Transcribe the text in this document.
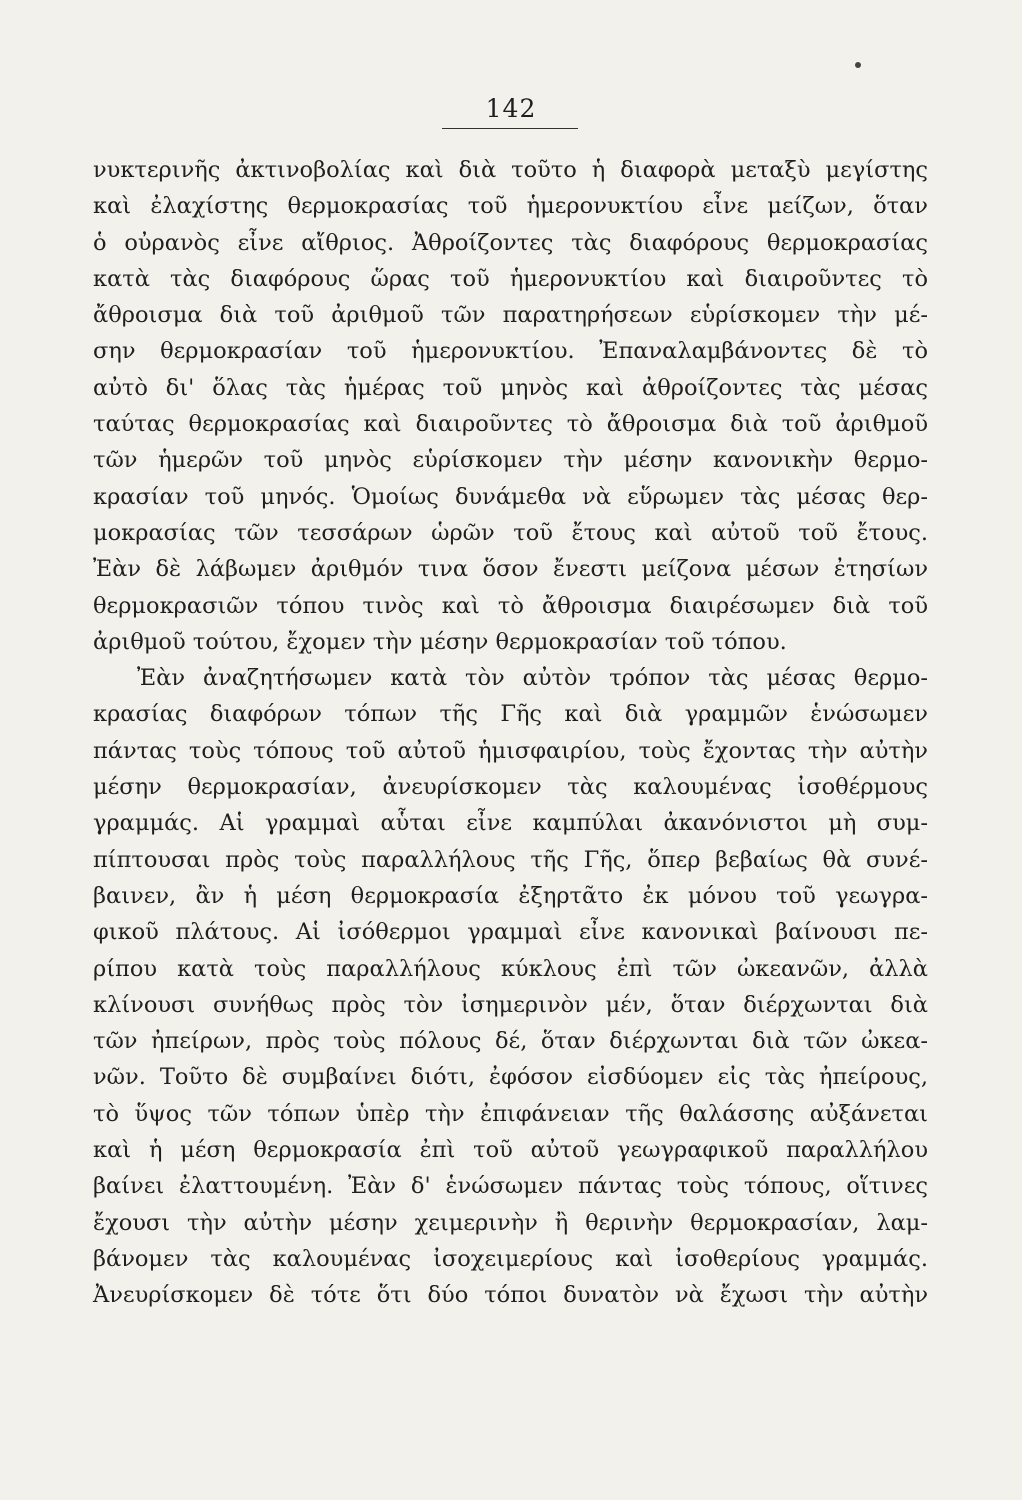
142
νυκτερινῆς ἀκτινοβολίας καὶ διὰ τοῦτο ἡ διαφορὰ μεταξὺ μεγίστης
καὶ ἐλαχίστης θερμοκρασίας τοῦ ἡμερονυκτίου εἶνε μείζων, ὅταν
ὁ οὐρανὸς εἶνε αἴθριος. Ἀθροίζοντες τὰς διαφόρους θερμοκρασίας
κατὰ τὰς διαφόρους ὥρας τοῦ ἡμερονυκτίου καὶ διαιροῦντες τὸ
ἄθροισμα διὰ τοῦ ἀριθμοῦ τῶν παρατηρήσεων εὑρίσκομεν τὴν μέ-
σην θερμοκρασίαν τοῦ ἡμερονυκτίου. Ἐπαναλαμβάνοντες δὲ τὸ
αὐτὸ δι' ὅλας τὰς ἡμέρας τοῦ μηνὸς καὶ ἀθροίζοντες τὰς μέσας
ταύτας θερμοκρασίας καὶ διαιροῦντες τὸ ἄθροισμα διὰ τοῦ ἀριθμοῦ
τῶν ἡμερῶν τοῦ μηνὸς εὑρίσκομεν τὴν μέσην κανονικὴν θερμο-
κρασίαν τοῦ μηνός. Ὁμοίως δυνάμεθα νὰ εὕρωμεν τὰς μέσας θερ-
μοκρασίας τῶν τεσσάρων ὡρῶν τοῦ ἔτους καὶ αὐτοῦ τοῦ ἔτους.
Ἐὰν δὲ λάβωμεν ἀριθμόν τινα ὅσον ἔνεστι μείζονα μέσων ἐτησίων
θερμοκρασιῶν τόπου τινὸς καὶ τὸ ἄθροισμα διαιρέσωμεν διὰ τοῦ
ἀριθμοῦ τούτου, ἔχομεν τὴν μέσην θερμοκρασίαν τοῦ τόπου.
Ἐὰν ἀναζητήσωμεν κατὰ τὸν αὐτὸν τρόπον τὰς μέσας θερμο-
κρασίας διαφόρων τόπων τῆς Γῆς καὶ διὰ γραμμῶν ἑνώσωμεν
πάντας τοὺς τόπους τοῦ αὐτοῦ ἡμισφαιρίου, τοὺς ἔχοντας τὴν αὐτὴν
μέσην θερμοκρασίαν, ἀνευρίσκομεν τὰς καλουμένας ἰσοθέρμους
γραμμάς. Αἱ γραμμαὶ αὗται εἶνε καμπύλαι ἀκανόνιστοι μὴ συμ-
πίπτουσαι πρὸς τοὺς παραλλήλους τῆς Γῆς, ὅπερ βεβαίως θὰ συνέ-
βαινεν, ἂν ἡ μέση θερμοκρασία ἐξηρτᾶτο ἐκ μόνου τοῦ γεωγρα-
φικοῦ πλάτους. Αἱ ἰσόθερμοι γραμμαὶ εἶνε κανονικαὶ βαίνουσι πε-
ρίπου κατὰ τοὺς παραλλήλους κύκλους ἐπὶ τῶν ὠκεανῶν, ἀλλὰ
κλίνουσι συνήθως πρὸς τὸν ἰσημερινὸν μέν, ὅταν διέρχωνται διὰ
τῶν ἠπείρων, πρὸς τοὺς πόλους δέ, ὅταν διέρχωνται διὰ τῶν ὠκεα-
νῶν. Τοῦτο δὲ συμβαίνει διότι, ἐφόσον εἰσδύομεν εἰς τὰς ἠπείρους,
τὸ ὕψος τῶν τόπων ὑπὲρ τὴν ἐπιφάνειαν τῆς θαλάσσης αὐξάνεται
καὶ ἡ μέση θερμοκρασία ἐπὶ τοῦ αὐτοῦ γεωγραφικοῦ παραλλήλου
βαίνει ἐλαττουμένη. Ἐὰν δ' ἑνώσωμεν πάντας τοὺς τόπους, οἵτινες
ἔχουσι τὴν αὐτὴν μέσην χειμερινὴν ἢ θερινὴν θερμοκρασίαν, λαμ-
βάνομεν τὰς καλουμένας ἰσοχειμερίους καὶ ἰσοθερίους γραμμάς.
Ἀνευρίσκομεν δὲ τότε ὅτι δύο τόποι δυνατὸν νὰ ἔχωσι τὴν αὐτὴν
